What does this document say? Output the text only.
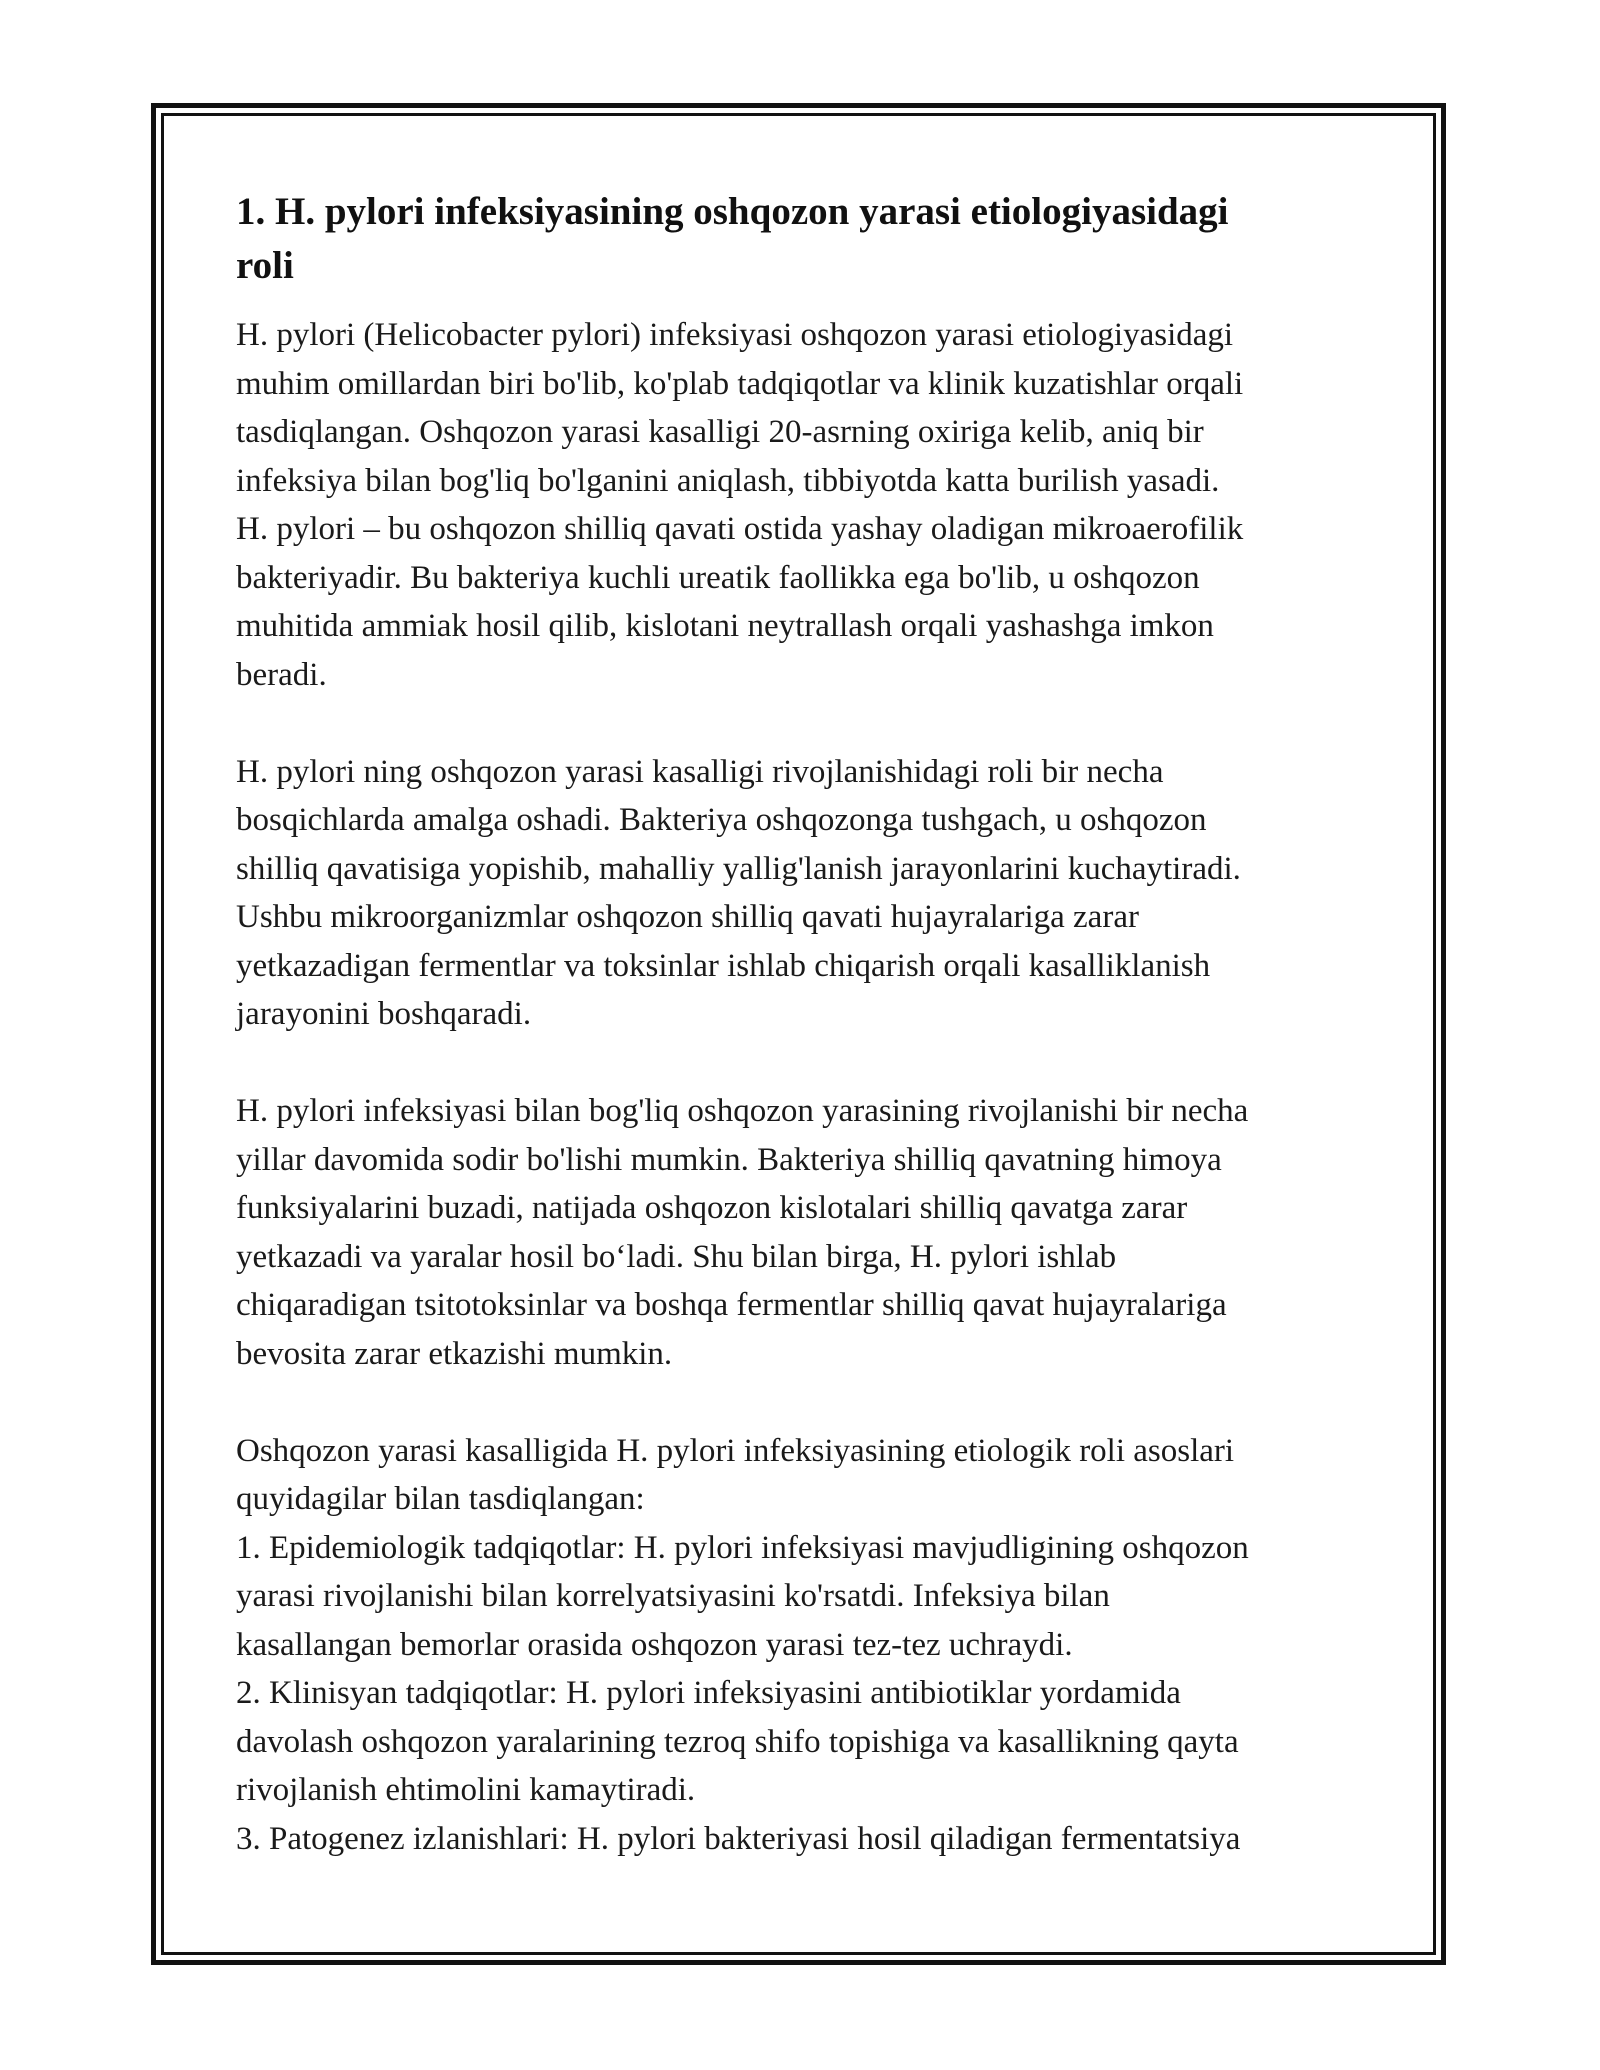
1. H. pylori infeksiyasining oshqozon yarasi etiologiyasidagi
roli
H. pylori (Helicobacter pylori) infeksiyasi oshqozon yarasi etiologiyasidagi
muhim omillardan biri bo'lib, ko'plab tadqiqotlar va klinik kuzatishlar orqali
tasdiqlangan. Oshqozon yarasi kasalligi 20-asrning oxiriga kelib, aniq bir
infeksiya bilan bog'liq bo'lganini aniqlash, tibbiyotda katta burilish yasadi.
H. pylori – bu oshqozon shilliq qavati ostida yashay oladigan mikroaerofilik
bakteriyadir. Bu bakteriya kuchli ureatik faollikka ega bo'lib, u oshqozon
muhitida ammiak hosil qilib, kislotani neytrallash orqali yashashga imkon
beradi.
H. pylori ning oshqozon yarasi kasalligi rivojlanishidagi roli bir necha
bosqichlarda amalga oshadi. Bakteriya oshqozonga tushgach, u oshqozon
shilliq qavatisiga yopishib, mahalliy yallig'lanish jarayonlarini kuchaytiradi.
Ushbu mikroorganizmlar oshqozon shilliq qavati hujayralariga zarar
yetkazadigan fermentlar va toksinlar ishlab chiqarish orqali kasalliklanish
jarayonini boshqaradi.
H. pylori infeksiyasi bilan bog'liq oshqozon yarasining rivojlanishi bir necha
yillar davomida sodir bo'lishi mumkin. Bakteriya shilliq qavatning himoya
funksiyalarini buzadi, natijada oshqozon kislotalari shilliq qavatga zarar
yetkazadi va yaralar hosil bo‘ladi. Shu bilan birga, H. pylori ishlab
chiqaradigan tsitotoksinlar va boshqa fermentlar shilliq qavat hujayralariga
bevosita zarar etkazishi mumkin.
Oshqozon yarasi kasalligida H. pylori infeksiyasining etiologik roli asoslari
quyidagilar bilan tasdiqlangan:
1. Epidemiologik tadqiqotlar: H. pylori infeksiyasi mavjudligining oshqozon
yarasi rivojlanishi bilan korrelyatsiyasini ko'rsatdi. Infeksiya bilan
kasallangan bemorlar orasida oshqozon yarasi tez-tez uchraydi.
2. Klinisyan tadqiqotlar: H. pylori infeksiyasini antibiotiklar yordamida
davolash oshqozon yaralarining tezroq shifo topishiga va kasallikning qayta
rivojlanish ehtimolini kamaytiradi.
3. Patogenez izlanishlari: H. pylori bakteriyasi hosil qiladigan fermentatsiya
